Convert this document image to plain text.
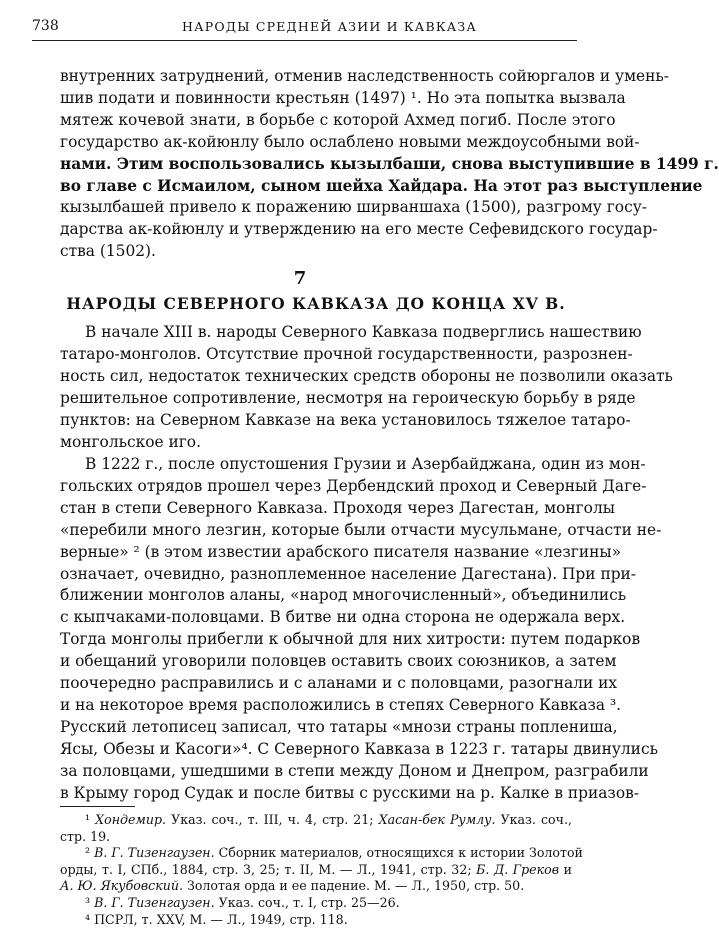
738	НАРОДЫ СРЕДНЕЙ АЗИИ И КАВКАЗА
внутренних затруднений, отменив наследственность сойюргалов и умень-
шив подати и повинности крестьян (1497) ¹. Но эта попытка вызвала
мятеж кочевой знати, в борьбе с которой Ахмед погиб. После этого
государство ак-койюнлу было ослаблено новыми междоусобными вой-
нами. Этим воспользовались кызылбаши, снова выступившие в 1499 г.
во главе с Исмаилом, сыном шейха Хайдара. На этот раз выступление
кызылбашей привело к поражению ширваншаха (1500), разгрому госу-
дарства ак-койюнлу и утверждению на его месте Сефевидского государ-
ства (1502).
7
НАРОДЫ СЕВЕРНОГО КАВКАЗА ДО КОНЦА XV В.
В начале XIII в. народы Северного Кавказа подверглись нашествию
татаро-монголов. Отсутствие прочной государственности, разрознен-
ность сил, недостаток технических средств обороны не позволили оказать
решительное сопротивление, несмотря на героическую борьбу в ряде
пунктов: на Северном Кавказе на века установилось тяжелое татаро-
монгольское иго.
В 1222 г., после опустошения Грузии и Азербайджана, один из мон-
гольских отрядов прошел через Дербендский проход и Северный Даге-
стан в степи Северного Кавказа. Проходя через Дагестан, монголы
«перебили много лезгин, которые были отчасти мусульмане, отчасти не-
верные» ² (в этом известии арабского писателя название «лезгины»
означает, очевидно, разноплеменное население Дагестана). При при-
ближении монголов аланы, «народ многочисленный», объединились
с кыпчаками-половцами. В битве ни одна сторона не одержала верх.
Тогда монголы прибегли к обычной для них хитрости: путем подарков
и обещаний уговорили половцев оставить своих союзников, а затем
поочередно расправились и с аланами и с половцами, разогнали их
и на некоторое время расположились в степях Северного Кавказа ³.
Русский летописец записал, что татары «мнози страны поплениша,
Ясы, Обезы и Касоги»⁴. С Северного Кавказа в 1223 г. татары двинулись
за половцами, ушедшими в степи между Доном и Днепром, разграбили
в Крыму город Судак и после битвы с русскими на р. Калке в приазов-
¹ Хондемир. Указ. соч., т. III, ч. 4, стр. 21; Хасан-бек Румлу. Указ. соч.,
стр. 19.
² В. Г. Тизенгаузен. Сборник материалов, относящихся к истории Золотой
орды, т. I, СПб., 1884, стр. 3, 25; т. II, М. — Л., 1941, стр. 32; Б. Д. Греков и
А. Ю. Якубовский. Золотая орда и ее падение. М. — Л., 1950, стр. 50.
³ В. Г. Тизенгаузен. Указ. соч., т. I, стр. 25—26.
⁴ ПСРЛ, т. XXV, М. — Л., 1949, стр. 118.
